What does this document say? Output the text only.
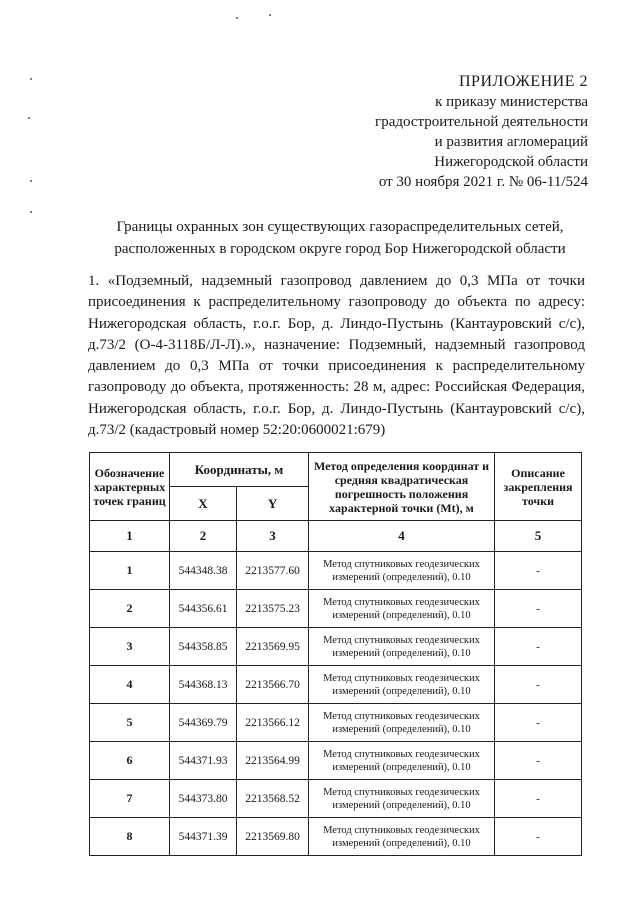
ПРИЛОЖЕНИЕ 2
к приказу министерства
градостроительной деятельности
и развития агломераций
Нижегородской области
от 30 ноября 2021 г. № 06-11/524
Границы охранных зон существующих газораспределительных сетей,
расположенных в городском округе город Бор Нижегородской области
1. «Подземный, надземный газопровод давлением до 0,3 МПа от точки присоединения к распределительному газопроводу до объекта по адресу: Нижегородская область, г.о.г. Бор, д. Линдо-Пустынь (Кантауровский с/с), д.73/2 (О-4-3118Б/Л-Л).», назначение: Подземный, надземный газопровод давлением до 0,3 МПа от точки присоединения к распределительному газопроводу до объекта, протяженность: 28 м, адрес: Российская Федерация, Нижегородская область, г.о.г. Бор, д. Линдо-Пустынь (Кантауровский с/с), д.73/2 (кадастровый номер 52:20:0600021:679)
Обозначение характерных точек границ	Координаты, м		Метод определения координат и средняя квадратическая погрешность положения характерной точки (Mt), м	Описание закрепления точки
	X	Y		
1	2	3	4	5
1	544348.38	2213577.60	Метод спутниковых геодезических измерений (определений), 0.10	-
2	544356.61	2213575.23	Метод спутниковых геодезических измерений (определений), 0.10	-
3	544358.85	2213569.95	Метод спутниковых геодезических измерений (определений), 0.10	-
4	544368.13	2213566.70	Метод спутниковых геодезических измерений (определений), 0.10	-
5	544369.79	2213566.12	Метод спутниковых геодезических измерений (определений), 0.10	-
6	544371.93	2213564.99	Метод спутниковых геодезических измерений (определений), 0.10	-
7	544373.80	2213568.52	Метод спутниковых геодезических измерений (определений), 0.10	-
8	544371.39	2213569.80	Метод спутниковых геодезических измерений (определений), 0.10	-
